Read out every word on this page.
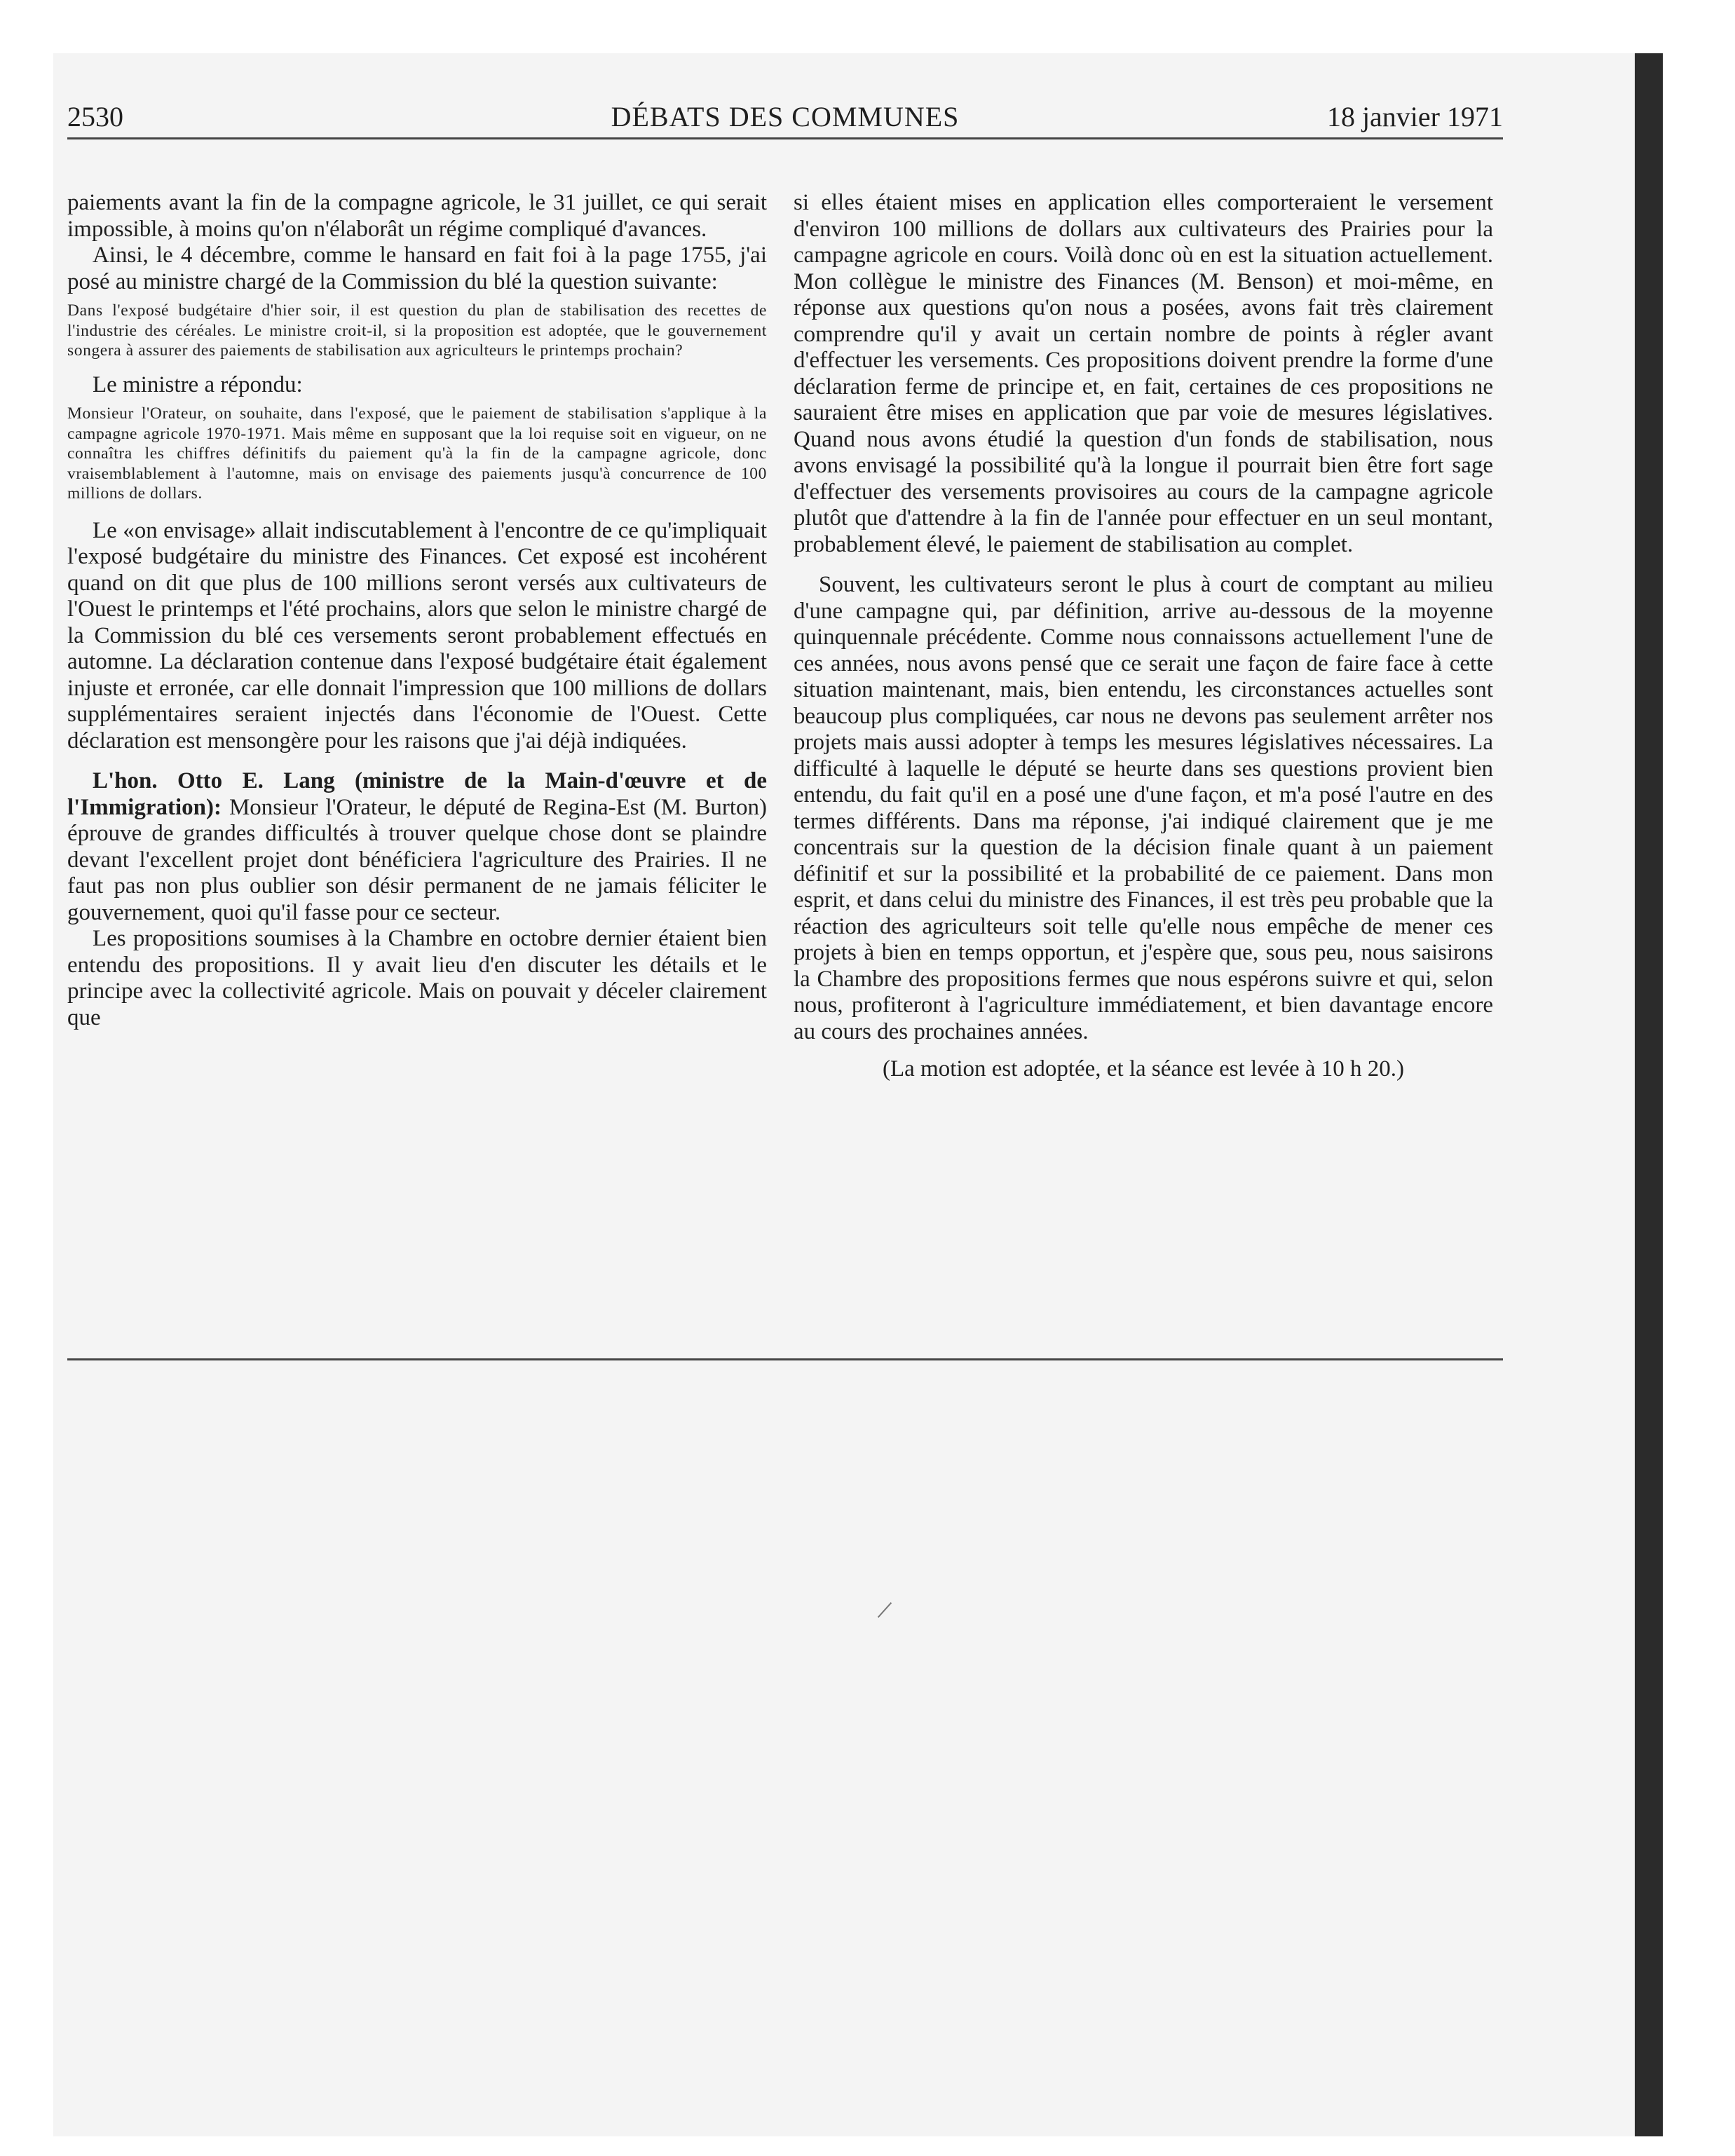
2530	DÉBATS DES COMMUNES	18 janvier 1971

paiements avant la fin de la compagne agricole, le 31 juillet, ce qui serait impossible, à moins qu'on n'élaborât un régime compliqué d'avances.

Ainsi, le 4 décembre, comme le hansard en fait foi à la page 1755, j'ai posé au ministre chargé de la Commission du blé la question suivante:

Dans l'exposé budgétaire d'hier soir, il est question du plan de stabilisation des recettes de l'industrie des céréales. Le ministre croit-il, si la proposition est adoptée, que le gouvernement songera à assurer des paiements de stabilisation aux agriculteurs le printemps prochain?

Le ministre a répondu:

Monsieur l'Orateur, on souhaite, dans l'exposé, que le paiement de stabilisation s'applique à la campagne agricole 1970-1971. Mais même en supposant que la loi requise soit en vigueur, on ne connaîtra les chiffres définitifs du paiement qu'à la fin de la campagne agricole, donc vraisemblablement à l'automne, mais on envisage des paiements jusqu'à concurrence de 100 millions de dollars.

Le «on envisage» allait indiscutablement à l'encontre de ce qu'impliquait l'exposé budgétaire du ministre des Finances. Cet exposé est incohérent quand on dit que plus de 100 millions seront versés aux cultivateurs de l'Ouest le printemps et l'été prochains, alors que selon le ministre chargé de la Commission du blé ces versements seront probablement effectués en automne. La déclaration contenue dans l'exposé budgétaire était également injuste et erronée, car elle donnait l'impression que 100 millions de dollars supplémentaires seraient injectés dans l'économie de l'Ouest. Cette déclaration est mensongère pour les raisons que j'ai déjà indiquées.

L'hon. Otto E. Lang (ministre de la Main-d'œuvre et de l'Immigration): Monsieur l'Orateur, le député de Regina-Est (M. Burton) éprouve de grandes difficultés à trouver quelque chose dont se plaindre devant l'excellent projet dont bénéficiera l'agriculture des Prairies. Il ne faut pas non plus oublier son désir permanent de ne jamais féliciter le gouvernement, quoi qu'il fasse pour ce secteur.

Les propositions soumises à la Chambre en octobre dernier étaient bien entendu des propositions. Il y avait lieu d'en discuter les détails et le principe avec la collectivité agricole. Mais on pouvait y déceler clairement que

si elles étaient mises en application elles comporteraient le versement d'environ 100 millions de dollars aux cultivateurs des Prairies pour la campagne agricole en cours. Voilà donc où en est la situation actuellement. Mon collègue le ministre des Finances (M. Benson) et moi-même, en réponse aux questions qu'on nous a posées, avons fait très clairement comprendre qu'il y avait un certain nombre de points à régler avant d'effectuer les versements. Ces propositions doivent prendre la forme d'une déclaration ferme de principe et, en fait, certaines de ces propositions ne sauraient être mises en application que par voie de mesures législatives. Quand nous avons étudié la question d'un fonds de stabilisation, nous avons envisagé la possibilité qu'à la longue il pourrait bien être fort sage d'effectuer des versements provisoires au cours de la campagne agricole plutôt que d'attendre à la fin de l'année pour effectuer en un seul montant, probablement élevé, le paiement de stabilisation au complet.

Souvent, les cultivateurs seront le plus à court de comptant au milieu d'une campagne qui, par définition, arrive au-dessous de la moyenne quinquennale précédente. Comme nous connaissons actuellement l'une de ces années, nous avons pensé que ce serait une façon de faire face à cette situation maintenant, mais, bien entendu, les circonstances actuelles sont beaucoup plus compliquées, car nous ne devons pas seulement arrêter nos projets mais aussi adopter à temps les mesures législatives nécessaires. La difficulté à laquelle le député se heurte dans ses questions provient bien entendu, du fait qu'il en a posé une d'une façon, et m'a posé l'autre en des termes différents. Dans ma réponse, j'ai indiqué clairement que je me concentrais sur la question de la décision finale quant à un paiement définitif et sur la possibilité et la probabilité de ce paiement. Dans mon esprit, et dans celui du ministre des Finances, il est très peu probable que la réaction des agriculteurs soit telle qu'elle nous empêche de mener ces projets à bien en temps opportun, et j'espère que, sous peu, nous saisirons la Chambre des propositions fermes que nous espérons suivre et qui, selon nous, profiteront à l'agriculture immédiatement, et bien davantage encore au cours des prochaines années.

(La motion est adoptée, et la séance est levée à 10 h 20.)
